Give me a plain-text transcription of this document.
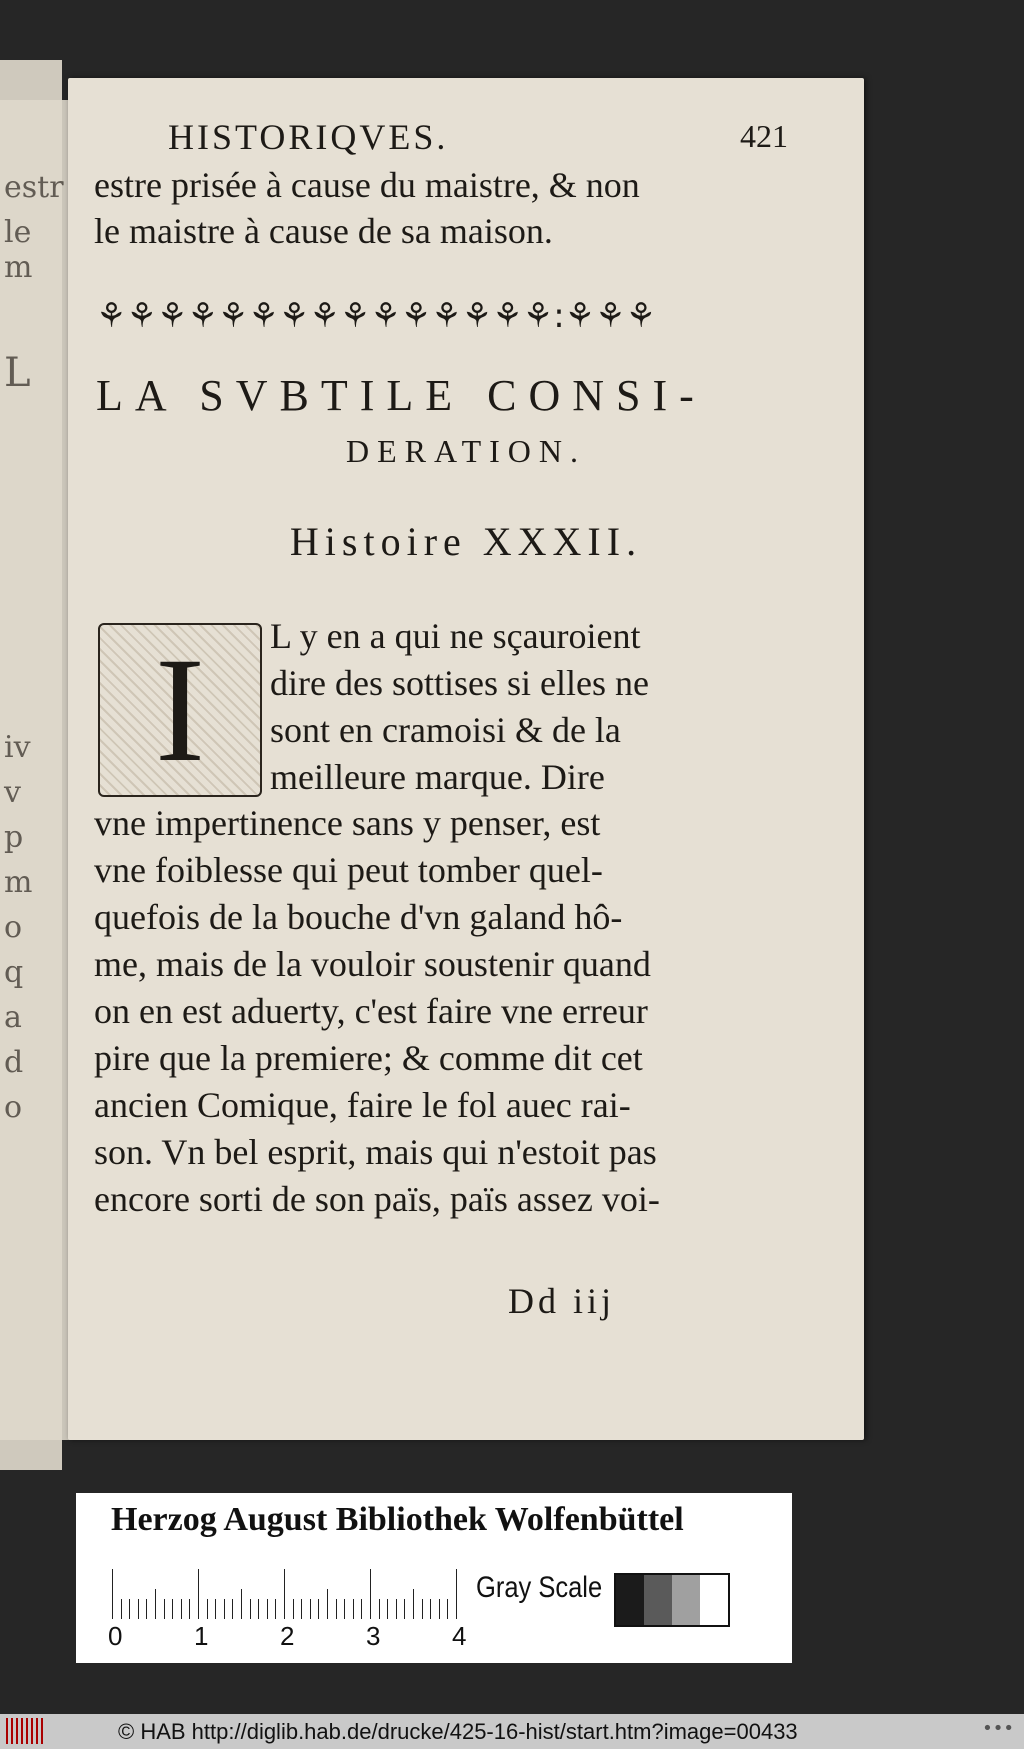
estr
le m
L
iv
v
p
m
o
q
a
d
o
HISTORIQVES.	421
estre prisée à cause du maistre, & non
le maistre à cause de sa maison.
⚘⚘⚘⚘⚘⚘⚘⚘⚘⚘⚘⚘⚘⚘⚘:⚘⚘⚘
LA SVBTILE CONSI-
DERATION.
Histoire XXXII.
I	L y en a qui ne sçauroient
dire des sottises si elles ne
sont en cramoisi & de la
meilleure marque. Dire
vne impertinence sans y penser, est
vne foiblesse qui peut tomber quel-
quefois de la bouche d'vn galand hô-
me, mais de la vouloir soustenir quand
on en est aduerty, c'est faire vne erreur
pire que la premiere; & comme dit cet
ancien Comique, faire le fol auec rai-
son. Vn bel esprit, mais qui n'estoit pas
encore sorti de son païs, païs assez voi-
Dd iij
Herzog August Bibliothek Wolfenbüttel
0	1	2	3	4
Gray Scale
© HAB http://diglib.hab.de/drucke/425-16-hist/start.htm?image=00433	•••
